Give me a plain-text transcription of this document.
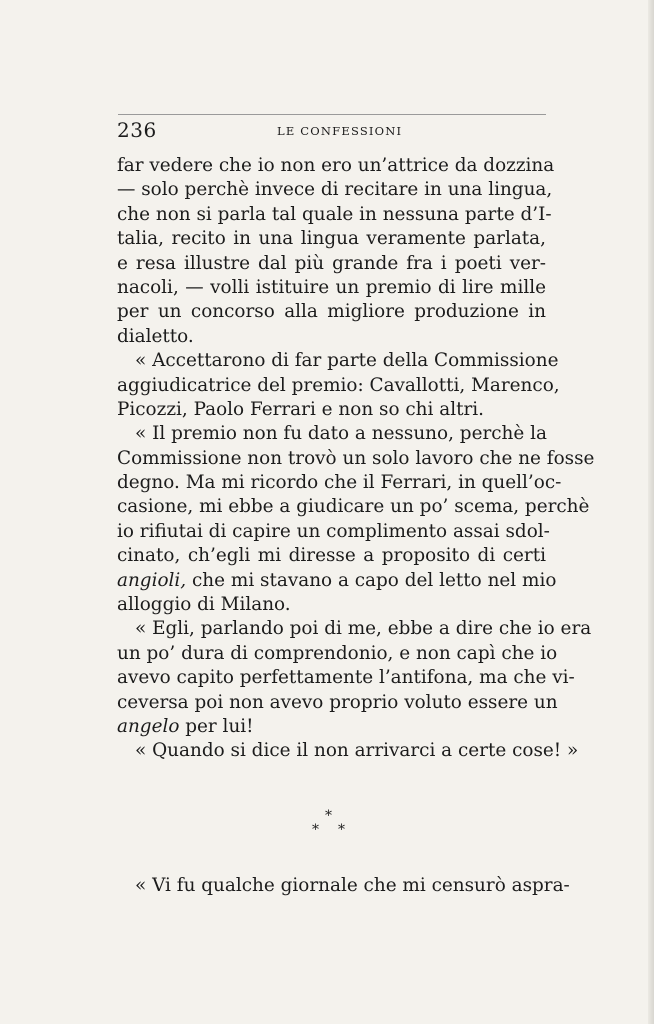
236	LE CONFESSIONI
far vedere che io non ero un’attrice da dozzina
— solo perchè invece di recitare in una lingua,
che non si parla tal quale in nessuna parte d’I-
talia, recito in una lingua veramente parlata,
e resa illustre dal più grande fra i poeti ver-
nacoli, — volli istituire un premio di lire mille
per un concorso alla migliore produzione in
dialetto.
« Accettarono di far parte della Commissione
aggiudicatrice del premio: Cavallotti, Marenco,
Picozzi, Paolo Ferrari e non so chi altri.
« Il premio non fu dato a nessuno, perchè la
Commissione non trovò un solo lavoro che ne fosse
degno. Ma mi ricordo che il Ferrari, in quell’oc-
casione, mi ebbe a giudicare un po’ scema, perchè
io rifiutai di capire un complimento assai sdol-
cinato, ch’egli mi diresse a proposito di certi
angioli, che mi stavano a capo del letto nel mio
alloggio di Milano.
« Egli, parlando poi di me, ebbe a dire che io era
un po’ dura di comprendonio, e non capì che io
avevo capito perfettamente l’antifona, ma che vi-
ceversa poi non avevo proprio voluto essere un
angelo per lui!
« Quando si dice il non arrivarci a certe cose! »
*
* *
« Vi fu qualche giornale che mi censurò aspra-
